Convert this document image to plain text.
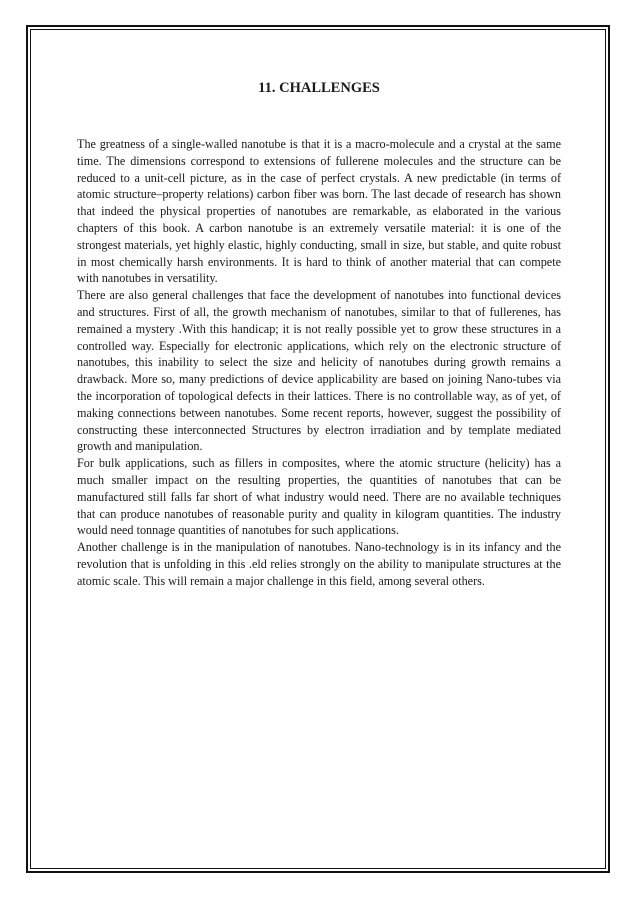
11. CHALLENGES

The greatness of a single-walled nanotube is that it is a macro-molecule and a crystal at the same time. The dimensions correspond to extensions of fullerene molecules and the structure can be reduced to a unit-cell picture, as in the case of perfect crystals. A new predictable (in terms of atomic structure–property relations) carbon fiber was born. The last decade of research has shown that indeed the physical properties of nanotubes are remarkable, as elaborated in the various chapters of this book. A carbon nanotube is an extremely versatile material: it is one of the strongest materials, yet highly elastic, highly conducting, small in size, but stable, and quite robust in most chemically harsh environments. It is hard to think of another material that can compete with nanotubes in versatility.

There are also general challenges that face the development of nanotubes into functional devices and structures. First of all, the growth mechanism of nanotubes, similar to that of fullerenes, has remained a mystery .With this handicap; it is not really possible yet to grow these structures in a controlled way. Especially for electronic applications, which rely on the electronic structure of nanotubes, this inability to select the size and helicity of nanotubes during growth remains a drawback. More so, many predictions of device applicability are based on joining Nano-tubes via the incorporation of topological defects in their lattices. There is no controllable way, as of yet, of making connections between nanotubes. Some recent reports, however, suggest the possibility of constructing these interconnected Structures by electron irradiation and by template mediated growth and manipulation.

For bulk applications, such as fillers in composites, where the atomic structure (helicity) has a much smaller impact on the resulting properties, the quantities of nanotubes that can be manufactured still falls far short of what industry would need. There are no available techniques that can produce nanotubes of reasonable purity and quality in kilogram quantities. The industry would need tonnage quantities of nanotubes for such applications.

Another challenge is in the manipulation of nanotubes. Nano-technology is in its infancy and the revolution that is unfolding in this .eld relies strongly on the ability to manipulate structures at the atomic scale. This will remain a major challenge in this field, among several others.
